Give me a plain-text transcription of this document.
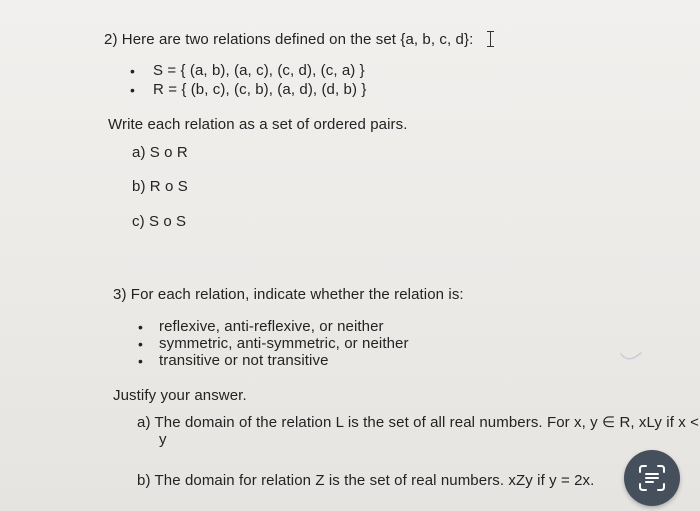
2) Here are two relations defined on the set {a, b, c, d}:
• S = { (a, b), (a, c), (c, d), (c, a) }
• R = { (b, c), (c, b), (a, d), (d, b) }
Write each relation as a set of ordered pairs.
a) S o R
b) R o S
c) S o S
3) For each relation, indicate whether the relation is:
• reflexive, anti-reflexive, or neither
• symmetric, anti-symmetric, or neither
• transitive or not transitive
Justify your answer.
a) The domain of the relation L is the set of all real numbers. For x, y ∈ R, xLy if x <
y
b) The domain for relation Z is the set of real numbers. xZy if y = 2x.
